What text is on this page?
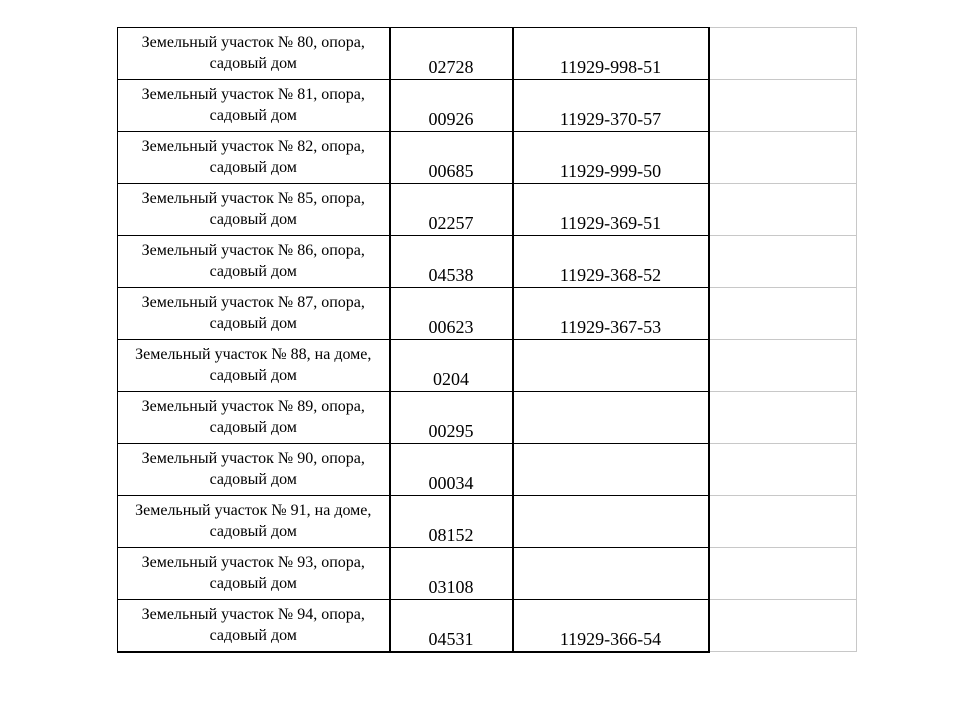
Земельный участок № 80, опора,
садовый дом	02728	11929-998-51	

Земельный участок № 81, опора,
садовый дом	00926	11929-370-57	

Земельный участок № 82, опора,
садовый дом	00685	11929-999-50	

Земельный участок № 85, опора,
садовый дом	02257	11929-369-51	

Земельный участок № 86, опора,
садовый дом	04538	11929-368-52	

Земельный участок № 87, опора,
садовый дом	00623	11929-367-53	

Земельный участок № 88, на доме,
садовый дом	0204		

Земельный участок № 89, опора,
садовый дом	00295		

Земельный участок № 90, опора,
садовый дом	00034		

Земельный участок № 91, на доме,
садовый дом	08152		

Земельный участок № 93, опора,
садовый дом	03108		

Земельный участок № 94, опора,
садовый дом	04531	11929-366-54	
